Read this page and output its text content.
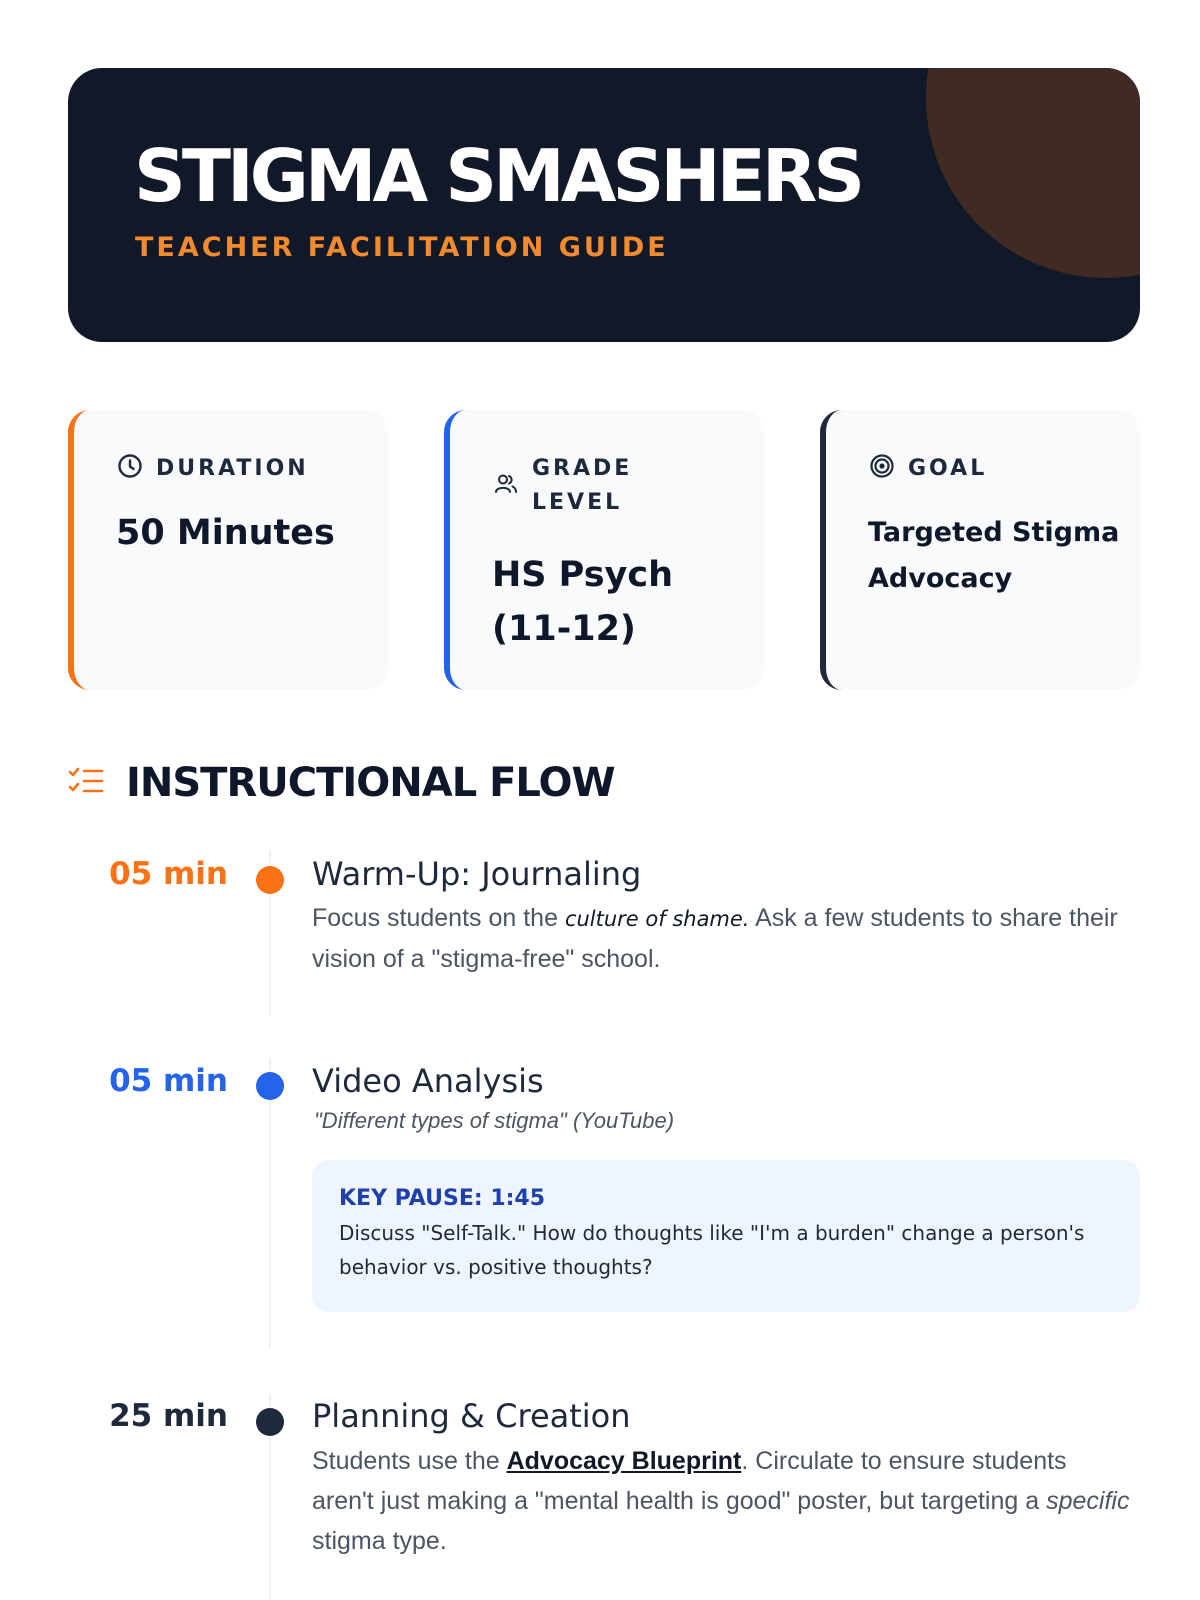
STIGMA SMASHERS
TEACHER FACILITATION GUIDE
DURATION
50 Minutes
GRADE
LEVEL
HS Psych
(11-12)
GOAL
Targeted Stigma
Advocacy
INSTRUCTIONAL FLOW
05 min	Warm-Up: Journaling
Focus students on the culture of shame. Ask a few students to share their vision of a "stigma-free" school.
05 min	Video Analysis
"Different types of stigma" (YouTube)
KEY PAUSE: 1:45
Discuss "Self-Talk." How do thoughts like "I'm a burden" change a person's behavior vs. positive thoughts?
25 min	Planning & Creation
Students use the Advocacy Blueprint. Circulate to ensure students aren't just making a "mental health is good" poster, but targeting a specific stigma type.
